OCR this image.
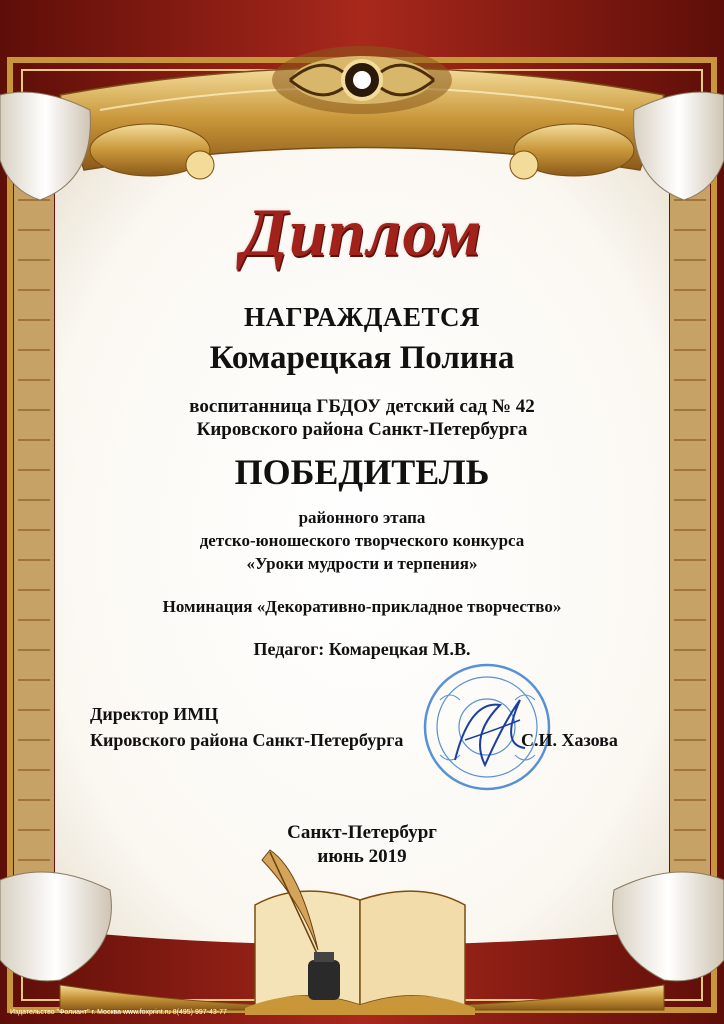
Диплом
НАГРАЖДАЕТСЯ
Комарецкая Полина
воспитанница ГБДОУ детский сад № 42
Кировского района Санкт-Петербурга
ПОБЕДИТЕЛЬ
районного этапа
детско-юношеского творческого конкурса
«Уроки мудрости и терпения»
Номинация «Декоративно-прикладное творчество»
Педагог: Комарецкая М.В.
Директор ИМЦ
Кировского района Санкт-Петербурга	С.И. Хазова
Санкт-Петербург
июнь 2019
Издательство "Фолиант" г. Москва www.foxprint.ru 8(495) 997-43-77
